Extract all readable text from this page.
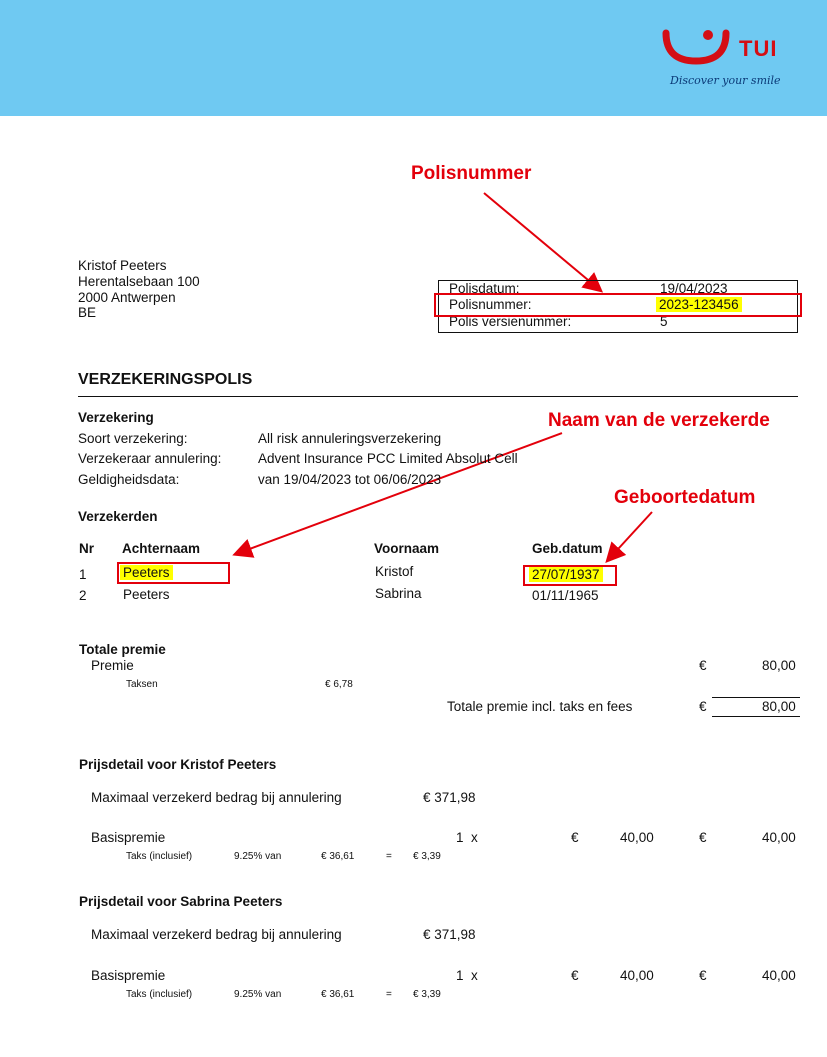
TUI
Discover your smile
Polisnummer
Naam van de verzekerde
Geboortedatum
Kristof Peeters
Herentalsebaan 100
2000 Antwerpen
BE
Polisdatum:	19/04/2023
Polisnummer:	2023-123456
Polis versienummer:	5
VERZEKERINGSPOLIS
Verzekering
Soort verzekering:	All risk annuleringsverzekering
Verzekeraar annulering:	Advent Insurance PCC Limited Absolut Cell
Geldigheidsdata:	van 19/04/2023 tot 06/06/2023
Verzekerden
Nr Achternaam	Voornaam	Geb.datum
1	Peeters	Kristof	27/07/1937
2	Peeters	Sabrina	01/11/1965
Totale premie
Premie	€	80,00
Taksen	€ 6,78
Totale premie incl. taks en fees	€	80,00
Prijsdetail voor Kristof Peeters
Maximaal verzekerd bedrag bij annulering	€ 371,98
Basispremie	1 x	€	40,00	€	40,00
Taks (inclusief)	9.25% van	€ 36,61	= € 3,39
Prijsdetail voor Sabrina Peeters
Maximaal verzekerd bedrag bij annulering	€ 371,98
Basispremie	1 x	€	40,00	€	40,00
Taks (inclusief)	9.25% van	€ 36,61	= € 3,39
